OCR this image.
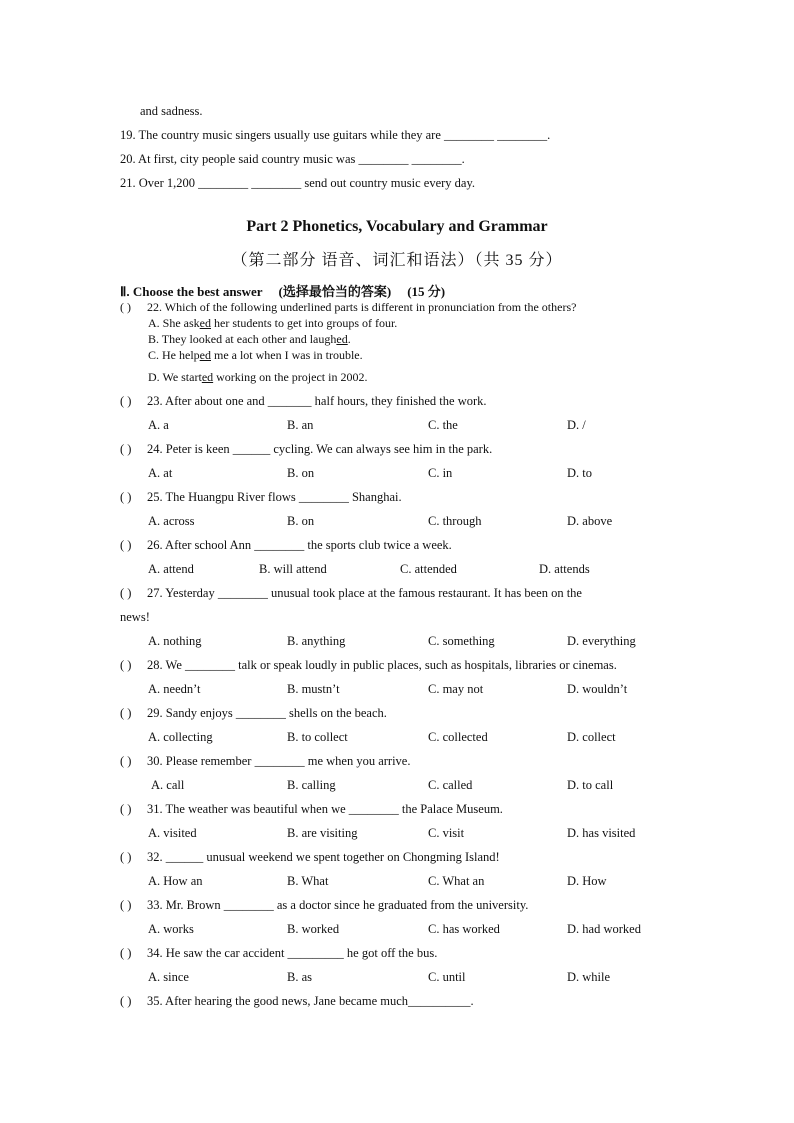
and sadness.
19. The country music singers usually use guitars while they are ________ ________.
20. At first, city people said country music was ________ ________.
21. Over 1,200 ________ ________ send out country music every day.
Part 2 Phonetics, Vocabulary and Grammar
（第二部分 语音、词汇和语法）（共 35 分）
Ⅱ. Choose the best answer (选择最恰当的答案) (15 分)
( ) 22. Which of the following underlined parts is different in pronunciation from the others?
A. She asked her students to get into groups of four.
B. They looked at each other and laughed.
C. He helped me a lot when I was in trouble.
D. We started working on the project in 2002.
( ) 23. After about one and _______ half hours, they finished the work.
A. a	B. an	C. the	D. /
( ) 24. Peter is keen ______ cycling. We can always see him in the park.
A. at	B. on	C. in	D. to
( ) 25. The Huangpu River flows ________ Shanghai.
A. across	B. on	C. through	D. above
( ) 26. After school Ann ________ the sports club twice a week.
A. attend	B. will attend	C. attended	D. attends
( ) 27. Yesterday ________ unusual took place at the famous restaurant. It has been on the
news!
A. nothing	B. anything	C. something	D. everything
( ) 28. We ________ talk or speak loudly in public places, such as hospitals, libraries or cinemas.
A. needn’t	B. mustn’t	C. may not	D. wouldn’t
( ) 29. Sandy enjoys ________ shells on the beach.
A. collecting	B. to collect	C. collected	D. collect
( ) 30. Please remember ________ me when you arrive.
A. call	B. calling	C. called	D. to call
( ) 31. The weather was beautiful when we ________ the Palace Museum.
A. visited	B. are visiting	C. visit	D. has visited
( ) 32. ______ unusual weekend we spent together on Chongming Island!
A. How an	B. What	C. What an	D. How
( ) 33. Mr. Brown ________ as a doctor since he graduated from the university.
A. works	B. worked	C. has worked	D. had worked
( ) 34. He saw the car accident _________ he got off the bus.
A. since	B. as	C. until	D. while
( ) 35. After hearing the good news, Jane became much__________.
